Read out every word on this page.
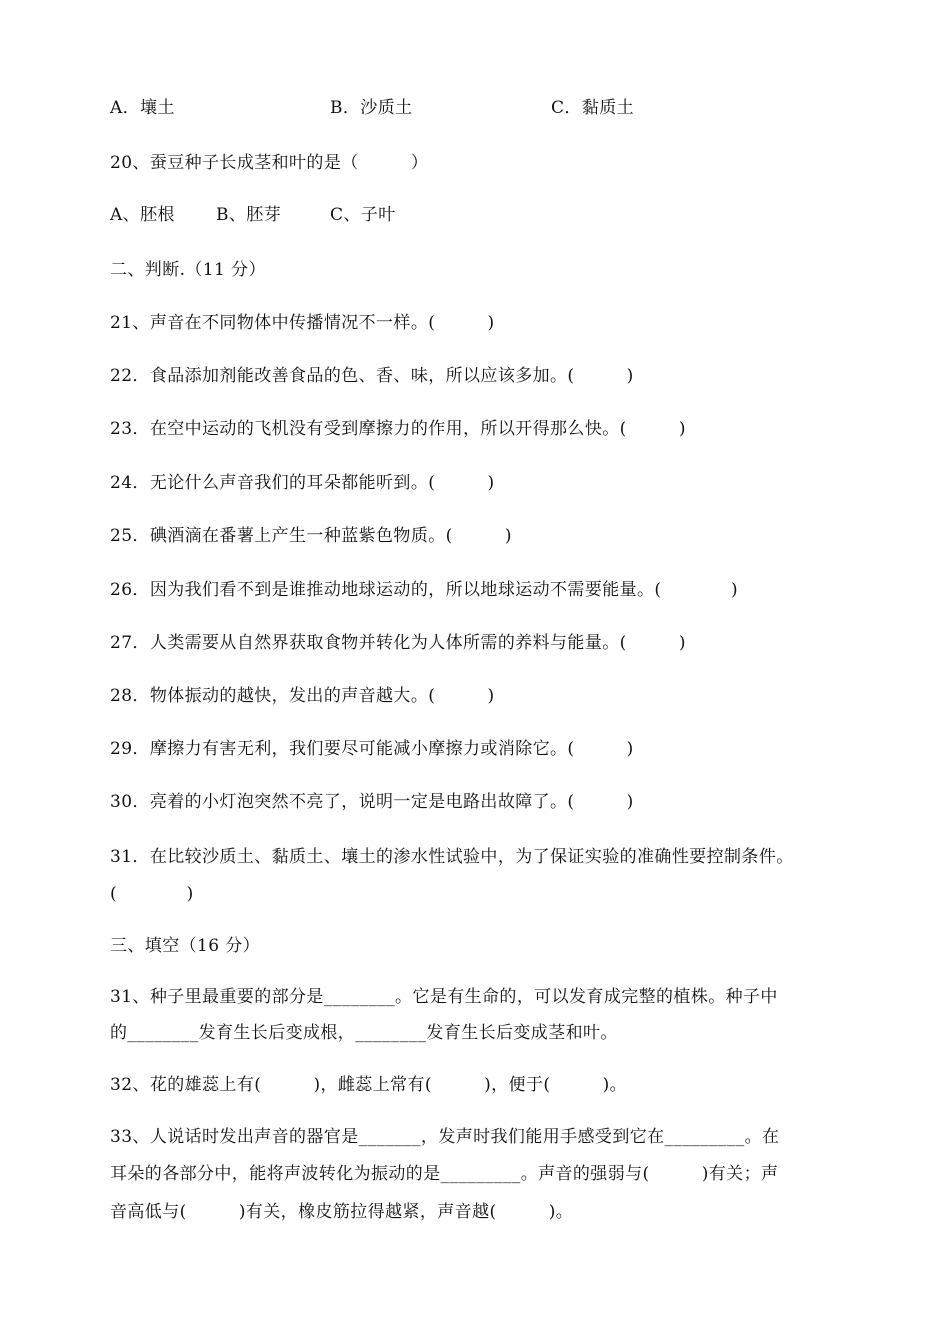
A．壤土	B．沙质土	C．黏质土
20、蚕豆种子长成茎和叶的是（　　　）
A、胚根 B、胚芽	C、子叶
二、判断.（11 分）
21、声音在不同物体中传播情况不一样。(　　　)
22．食品添加剂能改善食品的色、香、味，所以应该多加。(　　　)
23．在空中运动的飞机没有受到摩擦力的作用，所以开得那么快。(　　　)
24．无论什么声音我们的耳朵都能听到。(　　　)
25．碘酒滴在番薯上产生一种蓝紫色物质。(　　　)
26．因为我们看不到是谁推动地球运动的，所以地球运动不需要能量。(　　　　)
27．人类需要从自然界获取食物并转化为人体所需的养料与能量。(　　　)
28．物体振动的越快，发出的声音越大。(　　　)
29．摩擦力有害无利，我们要尽可能减小摩擦力或消除它。(　　　)
30．亮着的小灯泡突然不亮了，说明一定是电路出故障了。(　　　)
31．在比较沙质土、黏质土、壤土的渗水性试验中，为了保证实验的准确性要控制条件。
(　　　　)
三、填空（16 分）
31、种子里最重要的部分是________。它是有生命的，可以发育成完整的植株。种子中
的________发育生长后变成根，________发育生长后变成茎和叶。
32、花的雄蕊上有(　　　)，雌蕊上常有(　　　)，便于(　　　)。
33、人说话时发出声音的器官是_______，发声时我们能用手感受到它在_________。在
耳朵的各部分中，能将声波转化为振动的是_________。声音的强弱与(　　　)有关；声
音高低与(　　　)有关，橡皮筋拉得越紧，声音越(　　　)。
